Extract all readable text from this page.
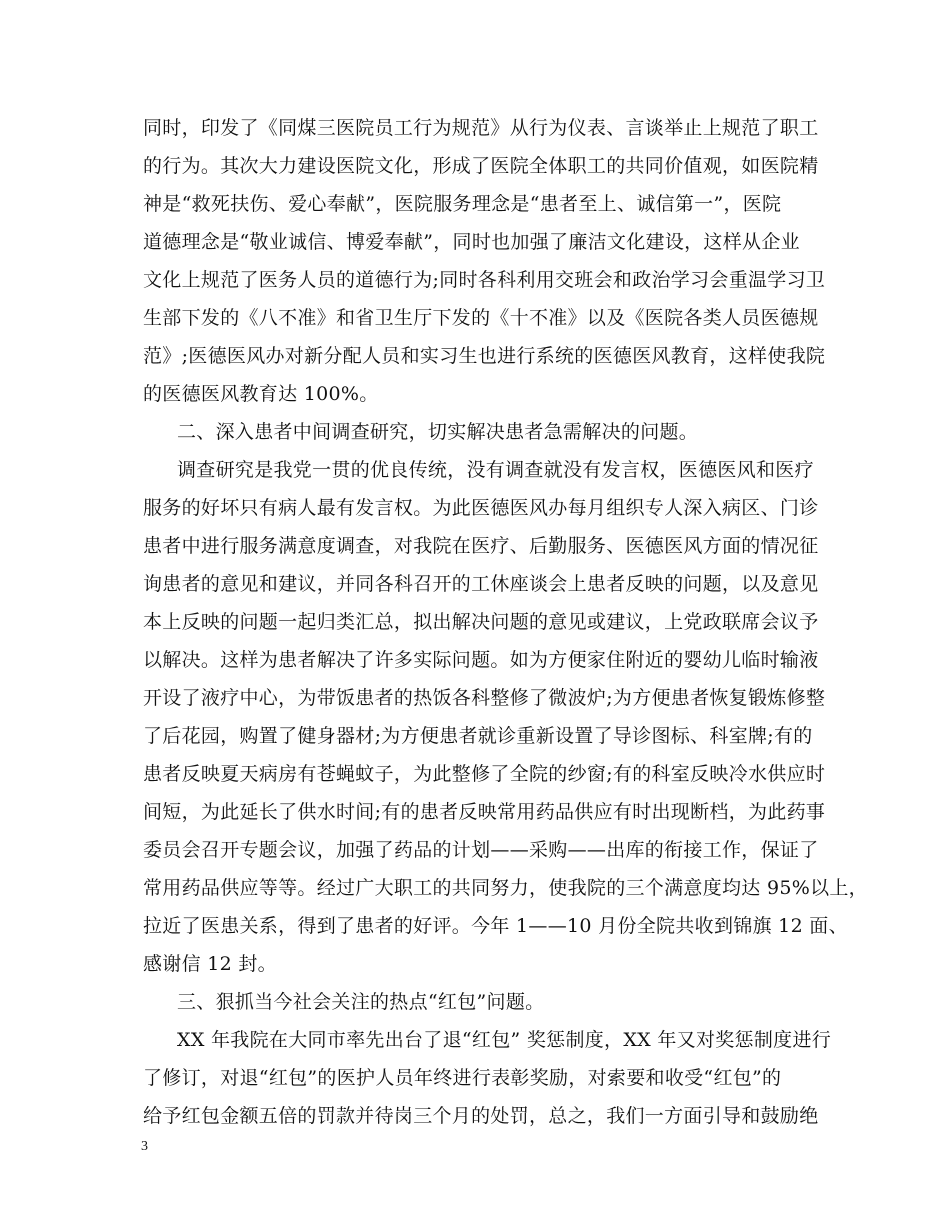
同时，印发了《同煤三医院员工行为规范》从行为仪表、言谈举止上规范了职工
的行为。其次大力建设医院文化，形成了医院全体职工的共同价值观，如医院精
神是“救死扶伤、爱心奉献”，医院服务理念是“患者至上、诚信第一”，医院
道德理念是“敬业诚信、博爱奉献”，同时也加强了廉洁文化建设，这样从企业
文化上规范了医务人员的道德行为;同时各科利用交班会和政治学习会重温学习卫
生部下发的《八不准》和省卫生厅下发的《十不准》以及《医院各类人员医德规
范》;医德医风办对新分配人员和实习生也进行系统的医德医风教育，这样使我院
的医德医风教育达 100%。
二、深入患者中间调查研究，切实解决患者急需解决的问题。
调查研究是我党一贯的优良传统，没有调查就没有发言权，医德医风和医疗
服务的好坏只有病人最有发言权。为此医德医风办每月组织专人深入病区、门诊
患者中进行服务满意度调查，对我院在医疗、后勤服务、医德医风方面的情况征
询患者的意见和建议，并同各科召开的工休座谈会上患者反映的问题，以及意见
本上反映的问题一起归类汇总，拟出解决问题的意见或建议，上党政联席会议予
以解决。这样为患者解决了许多实际问题。如为方便家住附近的婴幼儿临时输液
开设了液疗中心，为带饭患者的热饭各科整修了微波炉;为方便患者恢复锻炼修整
了后花园，购置了健身器材;为方便患者就诊重新设置了导诊图标、科室牌;有的
患者反映夏天病房有苍蝇蚊子，为此整修了全院的纱窗;有的科室反映冷水供应时
间短，为此延长了供水时间;有的患者反映常用药品供应有时出现断档，为此药事
委员会召开专题会议，加强了药品的计划——采购——出库的衔接工作，保证了
常用药品供应等等。经过广大职工的共同努力，使我院的三个满意度均达 95%以上，
拉近了医患关系，得到了患者的好评。今年 1——10 月份全院共收到锦旗 12 面、
感谢信 12 封。
三、狠抓当今社会关注的热点“红包”问题。
XX 年我院在大同市率先出台了退“红包” 奖惩制度，XX 年又对奖惩制度进行
了修订，对退“红包”的医护人员年终进行表彰奖励，对索要和收受“红包”的
给予红包金额五倍的罚款并待岗三个月的处罚，总之，我们一方面引导和鼓励绝
3
